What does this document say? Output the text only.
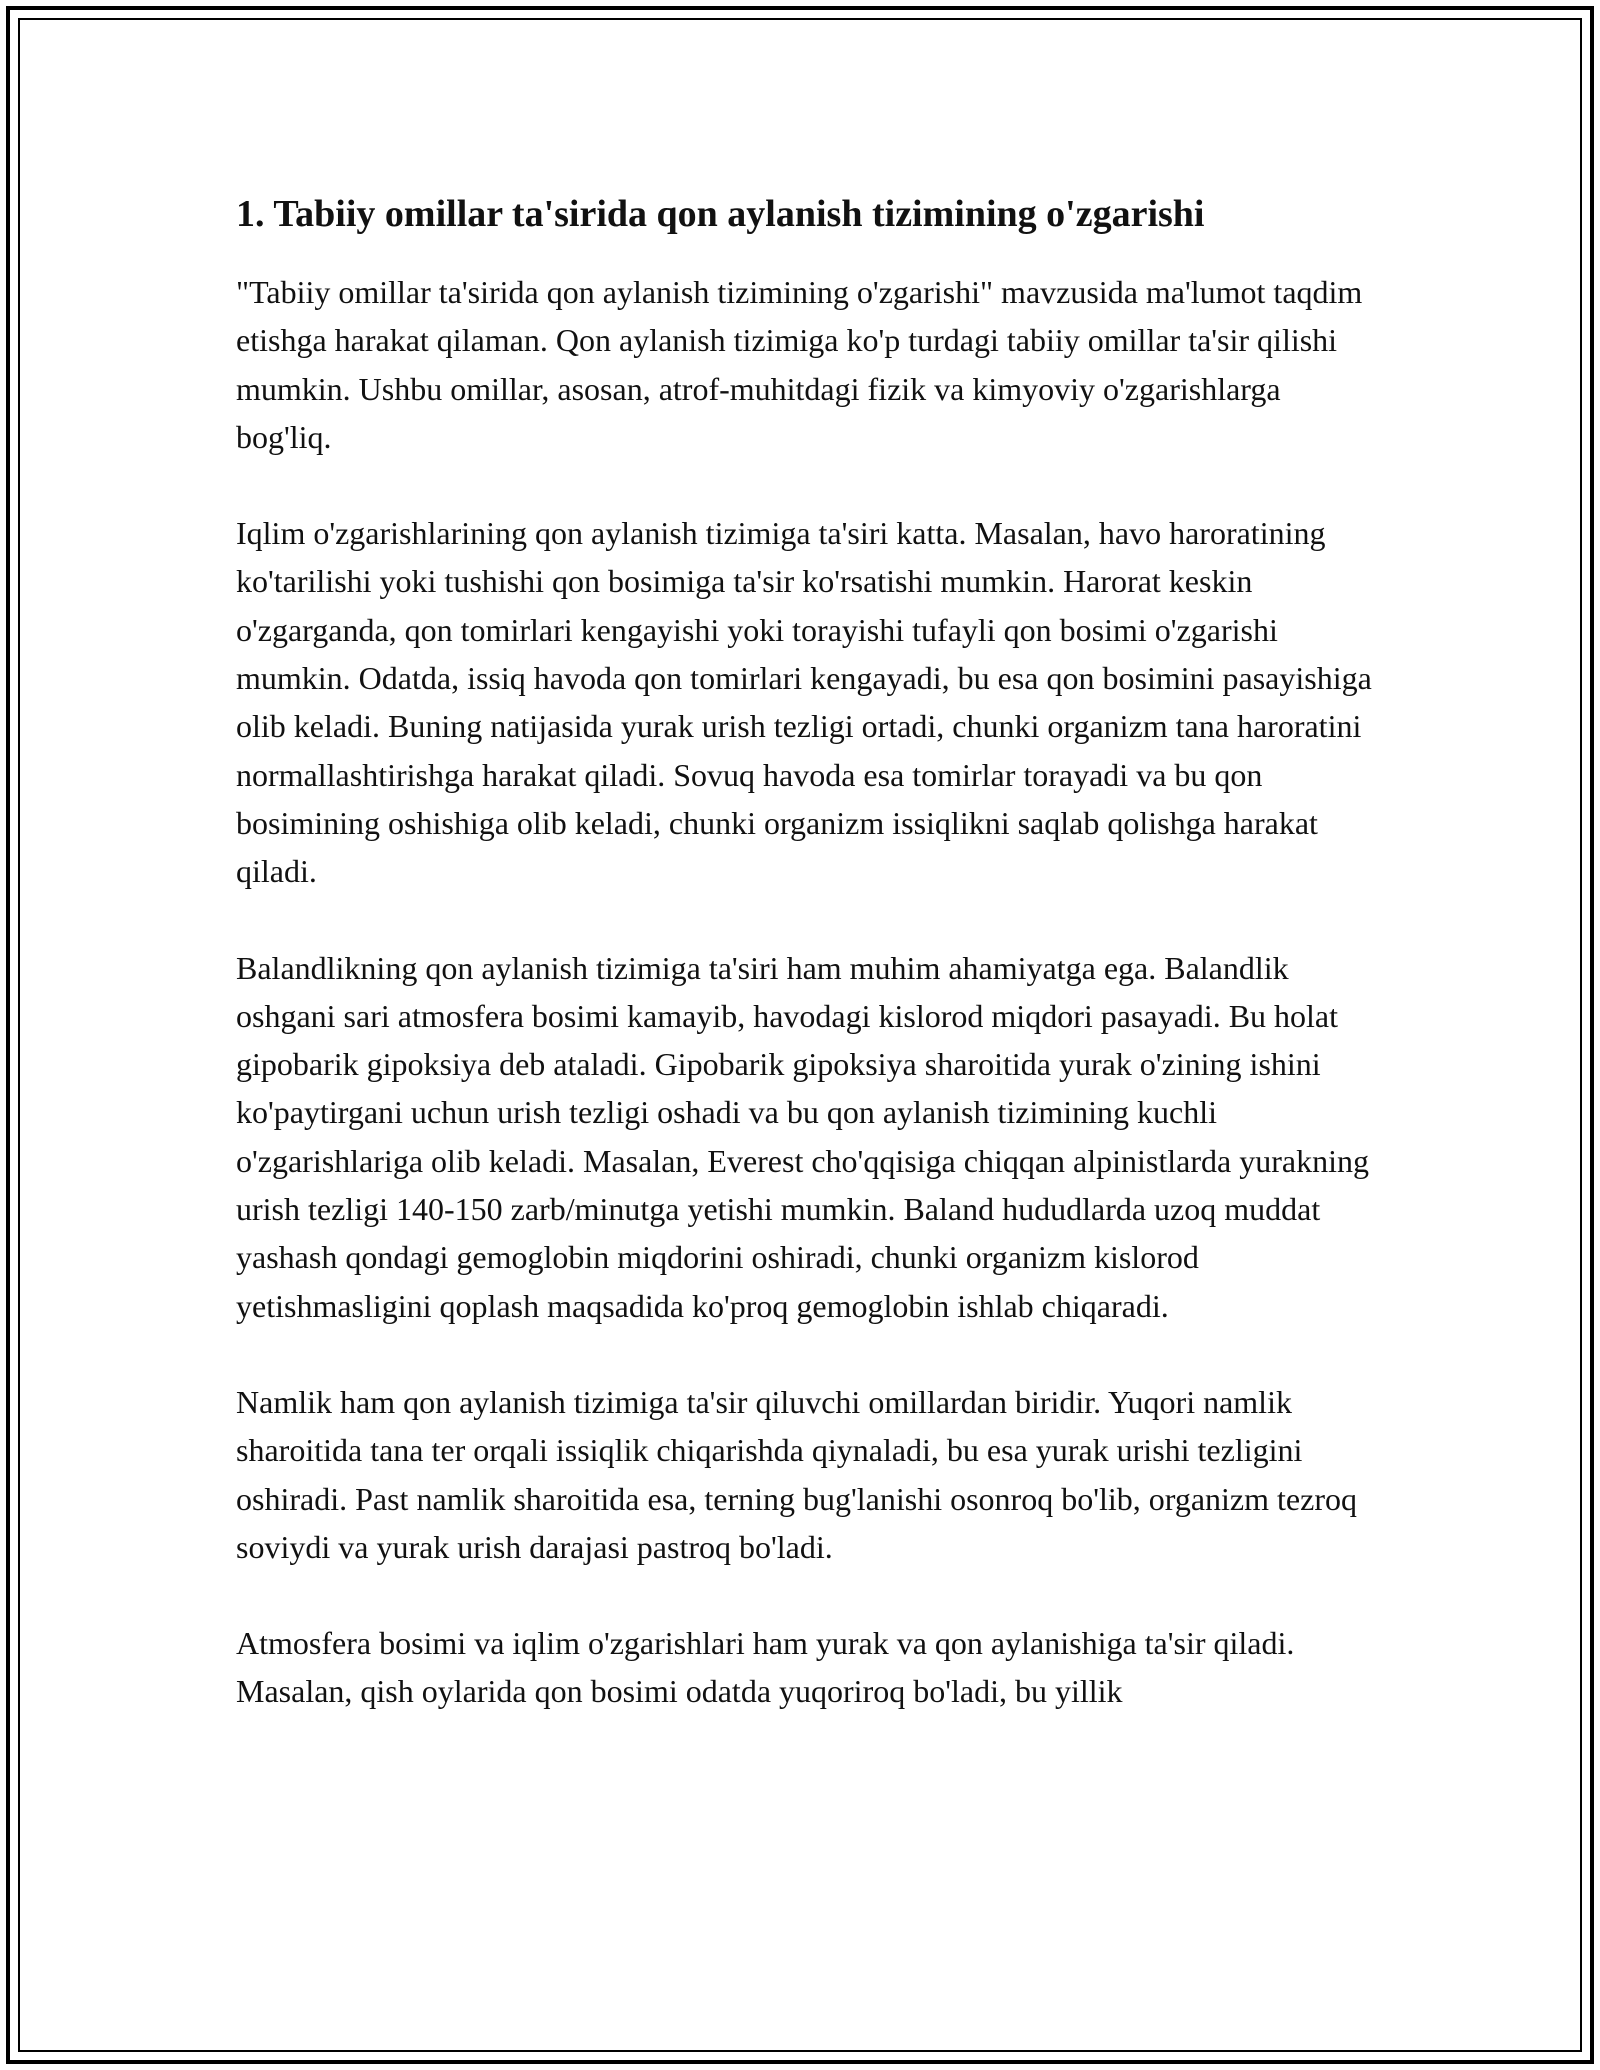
1. Tabiiy omillar ta'sirida qon aylanish tizimining o'zgarishi

"Tabiiy omillar ta'sirida qon aylanish tizimining o'zgarishi" mavzusida ma'lumot taqdim etishga harakat qilaman. Qon aylanish tizimiga ko'p turdagi tabiiy omillar ta'sir qilishi mumkin. Ushbu omillar, asosan, atrof-muhitdagi fizik va kimyoviy o'zgarishlarga bog'liq.

Iqlim o'zgarishlarining qon aylanish tizimiga ta'siri katta. Masalan, havo haroratining ko'tarilishi yoki tushishi qon bosimiga ta'sir ko'rsatishi mumkin. Harorat keskin o'zgarganda, qon tomirlari kengayishi yoki torayishi tufayli qon bosimi o'zgarishi mumkin. Odatda, issiq havoda qon tomirlari kengayadi, bu esa qon bosimini pasayishiga olib keladi. Buning natijasida yurak urish tezligi ortadi, chunki organizm tana haroratini normallashtirishga harakat qiladi. Sovuq havoda esa tomirlar torayadi va bu qon bosimining oshishiga olib keladi, chunki organizm issiqlikni saqlab qolishga harakat qiladi.

Balandlikning qon aylanish tizimiga ta'siri ham muhim ahamiyatga ega. Balandlik oshgani sari atmosfera bosimi kamayib, havodagi kislorod miqdori pasayadi. Bu holat gipobarik gipoksiya deb ataladi. Gipobarik gipoksiya sharoitida yurak o'zining ishini ko'paytirgani uchun urish tezligi oshadi va bu qon aylanish tizimining kuchli o'zgarishlariga olib keladi. Masalan, Everest cho'qqisiga chiqqan alpinistlarda yurakning urish tezligi 140-150 zarb/minutga yetishi mumkin. Baland hududlarda uzoq muddat yashash qondagi gemoglobin miqdorini oshiradi, chunki organizm kislorod yetishmasligini qoplash maqsadida ko'proq gemoglobin ishlab chiqaradi.

Namlik ham qon aylanish tizimiga ta'sir qiluvchi omillardan biridir. Yuqori namlik sharoitida tana ter orqali issiqlik chiqarishda qiynaladi, bu esa yurak urishi tezligini oshiradi. Past namlik sharoitida esa, terning bug'lanishi osonroq bo'lib, organizm tezroq soviydi va yurak urish darajasi pastroq bo'ladi.

Atmosfera bosimi va iqlim o'zgarishlari ham yurak va qon aylanishiga ta'sir qiladi. Masalan, qish oylarida qon bosimi odatda yuqoriroq bo'ladi, bu yillik
